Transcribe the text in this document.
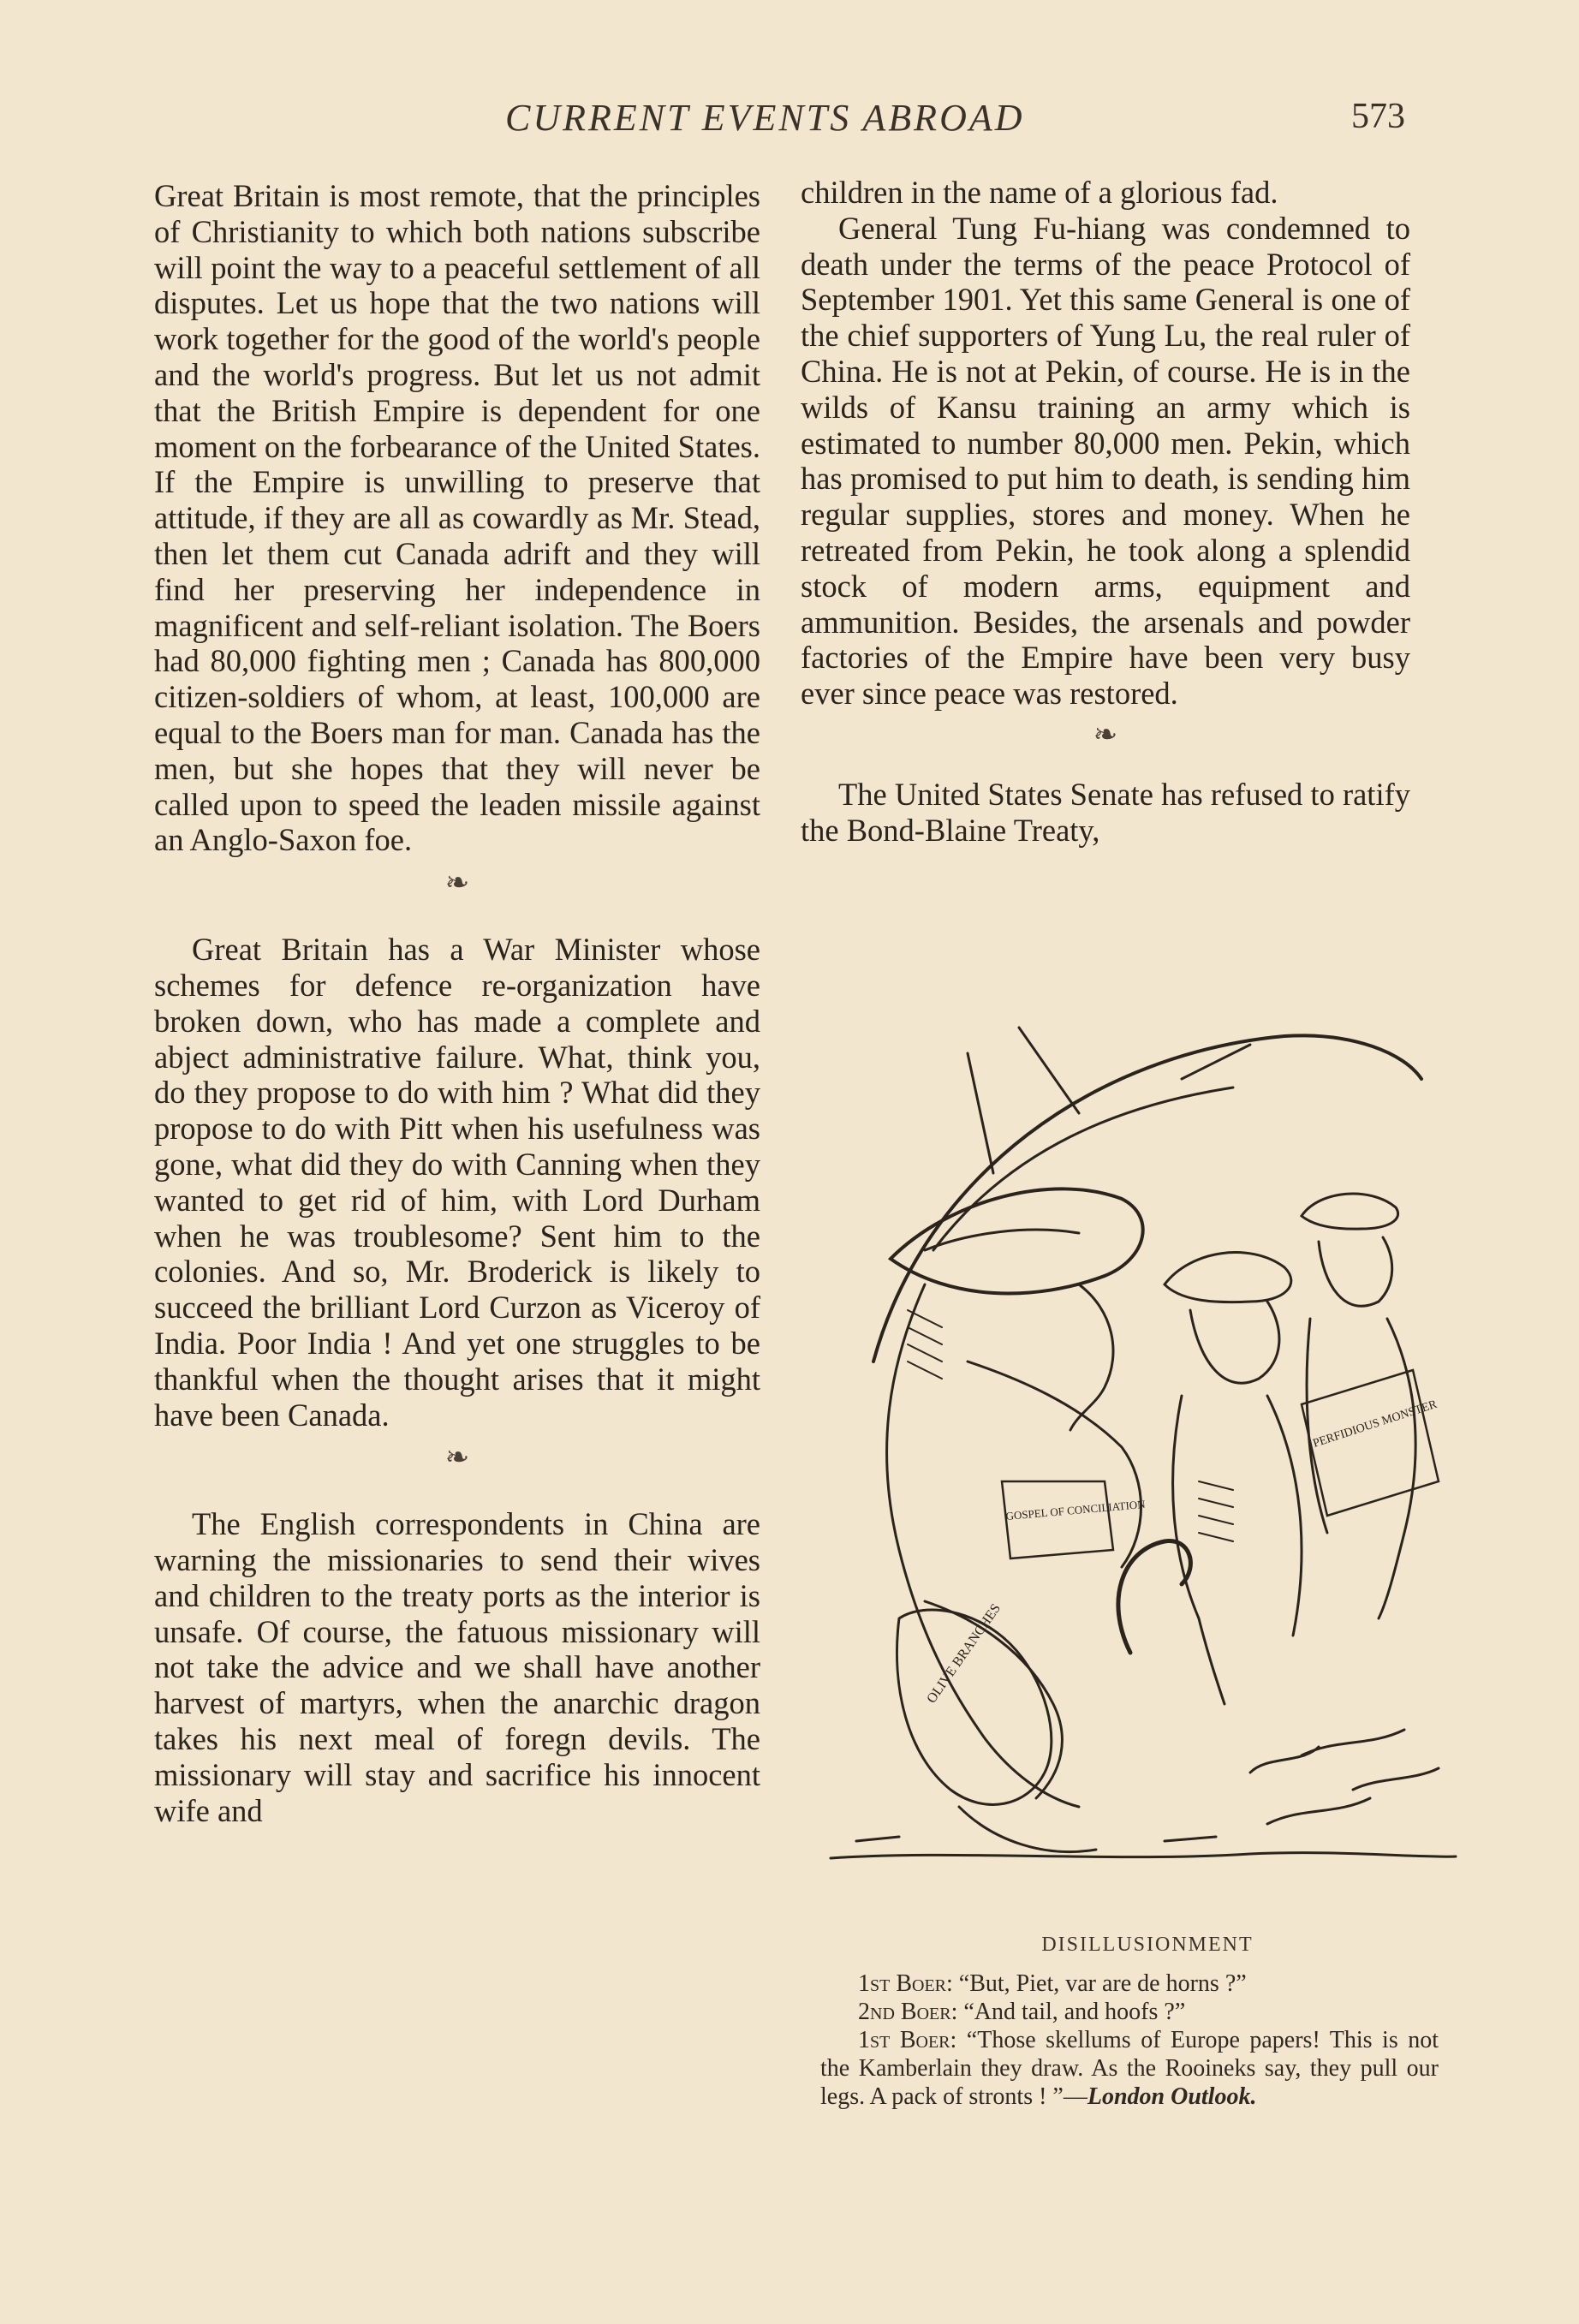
CURRENT EVENTS ABROAD	573

Great Britain is most remote, that the principles of Christianity to which both nations subscribe will point the way to a peaceful settlement of all disputes. Let us hope that the two nations will work together for the good of the world's people and the world's progress. But let us not admit that the British Empire is dependent for one moment on the forbearance of the United States. If the Empire is unwilling to preserve that attitude, if they are all as cowardly as Mr. Stead, then let them cut Canada adrift and they will find her preserving her independence in magnificent and self-reliant isolation. The Boers had 80,000 fighting men ; Canada has 800,000 citizen-soldiers of whom, at least, 100,000 are equal to the Boers man for man. Canada has the men, but she hopes that they will never be called upon to speed the leaden missile against an Anglo-Saxon foe.

❧

Great Britain has a War Minister whose schemes for defence re-organization have broken down, who has made a complete and abject administrative failure. What, think you, do they propose to do with him ? What did they propose to do with Pitt when his usefulness was gone, what did they do with Canning when they wanted to get rid of him, with Lord Durham when he was troublesome? Sent him to the colonies. And so, Mr. Broderick is likely to succeed the brilliant Lord Curzon as Viceroy of India. Poor India ! And yet one struggles to be thankful when the thought arises that it might have been Canada.

❧

The English correspondents in China are warning the missionaries to send their wives and children to the treaty ports as the interior is unsafe. Of course, the fatuous missionary will not take the advice and we shall have another harvest of martyrs, when the anarchic dragon takes his next meal of foregn devils. The missionary will stay and sacrifice his innocent wife and

children in the name of a glorious fad.

General Tung Fu-hiang was condemned to death under the terms of the peace Protocol of September 1901. Yet this same General is one of the chief supporters of Yung Lu, the real ruler of China. He is not at Pekin, of course. He is in the wilds of Kansu training an army which is estimated to number 80,000 men. Pekin, which has promised to put him to death, is sending him regular supplies, stores and money. When he retreated from Pekin, he took along a splendid stock of modern arms, equipment and ammunition. Besides, the arsenals and powder factories of the Empire have been very busy ever since peace was restored.

❧

The United States Senate has refused to ratify the Bond-Blaine Treaty,

OLIVE BRANCHES
GOSPEL OF CONCILIATION
PERFIDIOUS MONSTER
DISILLUSIONMENT

1st Boer: “But, Piet, var are de horns ?”

2nd Boer: “And tail, and hoofs ?”

1st Boer: “Those skellums of Europe papers! This is not the Kamberlain they draw. As the Rooineks say, they pull our legs. A pack of stronts ! ”—London Outlook.
